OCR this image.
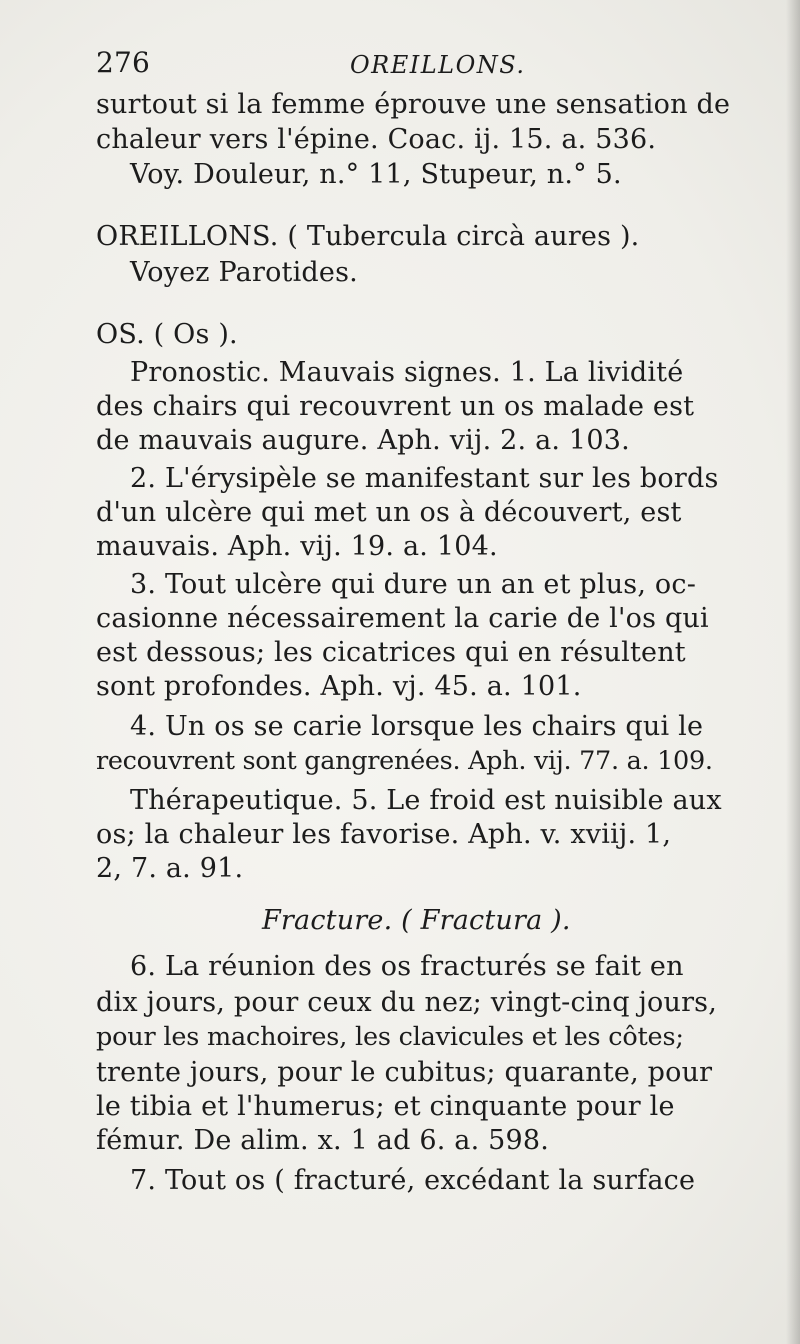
276	OREILLONS.
surtout si la femme éprouve une sensation de
chaleur vers l'épine. Coac. ij. 15. a. 536.
Voy. Douleur, n.° 11, Stupeur, n.° 5.
OREILLONS. ( Tubercula circà aures ).
Voyez Parotides.
OS. ( Os ).
Pronostic. Mauvais signes. 1. La lividité
des chairs qui recouvrent un os malade est
de mauvais augure. Aph. vij. 2. a. 103.
2. L'érysipèle se manifestant sur les bords
d'un ulcère qui met un os à découvert, est
mauvais. Aph. vij. 19. a. 104.
3. Tout ulcère qui dure un an et plus, oc-
casionne nécessairement la carie de l'os qui
est dessous; les cicatrices qui en résultent
sont profondes. Aph. vj. 45. a. 101.
4. Un os se carie lorsque les chairs qui le
recouvrent sont gangrenées. Aph. vij. 77. a. 109.
Thérapeutique. 5. Le froid est nuisible aux
os; la chaleur les favorise. Aph. v. xviij. 1,
2, 7. a. 91.
Fracture. ( Fractura ).
6. La réunion des os fracturés se fait en
dix jours, pour ceux du nez; vingt-cinq jours,
pour les machoires, les clavicules et les côtes;
trente jours, pour le cubitus; quarante, pour
le tibia et l'humerus; et cinquante pour le
fémur. De alim. x. 1 ad 6. a. 598.
7. Tout os ( fracturé, excédant la surface
